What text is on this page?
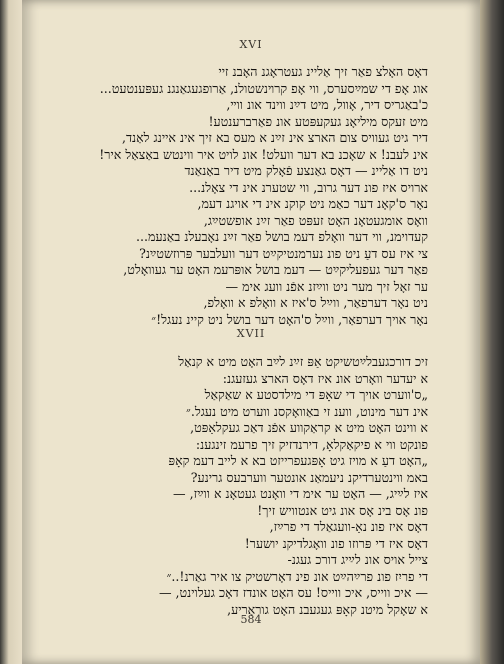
XVI
דאָס האָלצ פאַר זיך אַליינ געטראָגנ האָבנ זיי
אוג אָפ די שמײַסערס, ווי אָפ קרױנשטולנ, אַרופגעגאַנגנ געפּענטעט...
כ'באַגריס דיר, אָװל, מיט דײַנ ווינד אונ ווײ,
מיט זעקס מיליאָנ געקעפּטע אונ פאַרברענטע!
דיר גיט געוויס צום הארצ אינ זײַנ א מעס בא זיך אינ איינג לאַנד,
אינ לעבנ! א שאָכנ בא דער וועלט! אונ לויט איר ווינטש באַצאַל איר!
ניט דו אַליינ — דאָס גאַנצע פֿאָלק מיט דיר באַנאַנד
ארויס איז פונ דער גרוב, ווי שטערנ אינ די צאָלנ...
נאָר ס'קאָנ דער כאַמ ניט קוקנ אינ די אויגנ דעמ,
וואָס אומגעטאָנ האָט זעפּט פאַר זײַנ אופשטײַג,
קעדוימנ, ווי דער וואָלפ דעמ בושל פאַר זײַנ נאָבעלנ באַנעמ...
צי איז עס דעַ ניט פונ נערמנטיקײַט דער וועלבער פּרוזשטײַנ?
פאַר דער געפעליקײַט — דעמ בושל אופּרעמ האָט ער געוואָלט,
ער זאָל זיך מער ניט ווײַזנ אפֿנ וועג אימ —
ניט נאָר דערפאַר, ווײַל ס'איז א וואָלפ א וואָלפ,
נאָר אויך דערפאַר, ווײַל ס'האָט דער בושל ניט קיינ נעגל!״
XVII
זיכ דורכגעבלײַטשיקט אַפּ זײַנ לײַב האָט מיט א קנאַל
א יעדער וואָרט אונ איז דאָס הארצ געזעגנ:
„ס'ווערט אויך די שאָפּ די מילדסטע א שאַקאַל
אינ דער מינוט, ווענ זי באַוואָקסנ ווערט מיט נעגל.״
א ווינט האָט מיט א קראַקווע אפֿנ דאַכ געקלאַפּט,
פונקט ווי א פיקאַקלאָ, דירנדזיק זיך פרעמ זינגענ:
„האָט דעַ א מויז גיט אָפּגעפרייזט בא א לייב דעמ קאָפּ
באמ ווינטערדיקנ ניעמאַנ אונטער ווערבעס גרינע?
איז לײַיג, — האָט ער אימ די וואָנט געטאָנ א ווײַז, —
פונ אָס בינ אָס אונ גיט אנטוויש זיך!
דאָס איז פונ נאַ-וועגאַלד די פרײַז,
דאָס איז די פּרוזו פונ וואָגלדיקנ יושער!
צייל אויס אונ לײַיג דורכ געגנ-
די פריִז פונ פרײַהײַט אונ פינ דאָרשטיק צו איר גאַרנ!..״
— איכ ווייס, איכ ווייס! עס האָט אונדז דאָכ געלוינט, —
א שאָקל מיטנ קאָפּ געגעבנ האָט גוראָריע,
584
